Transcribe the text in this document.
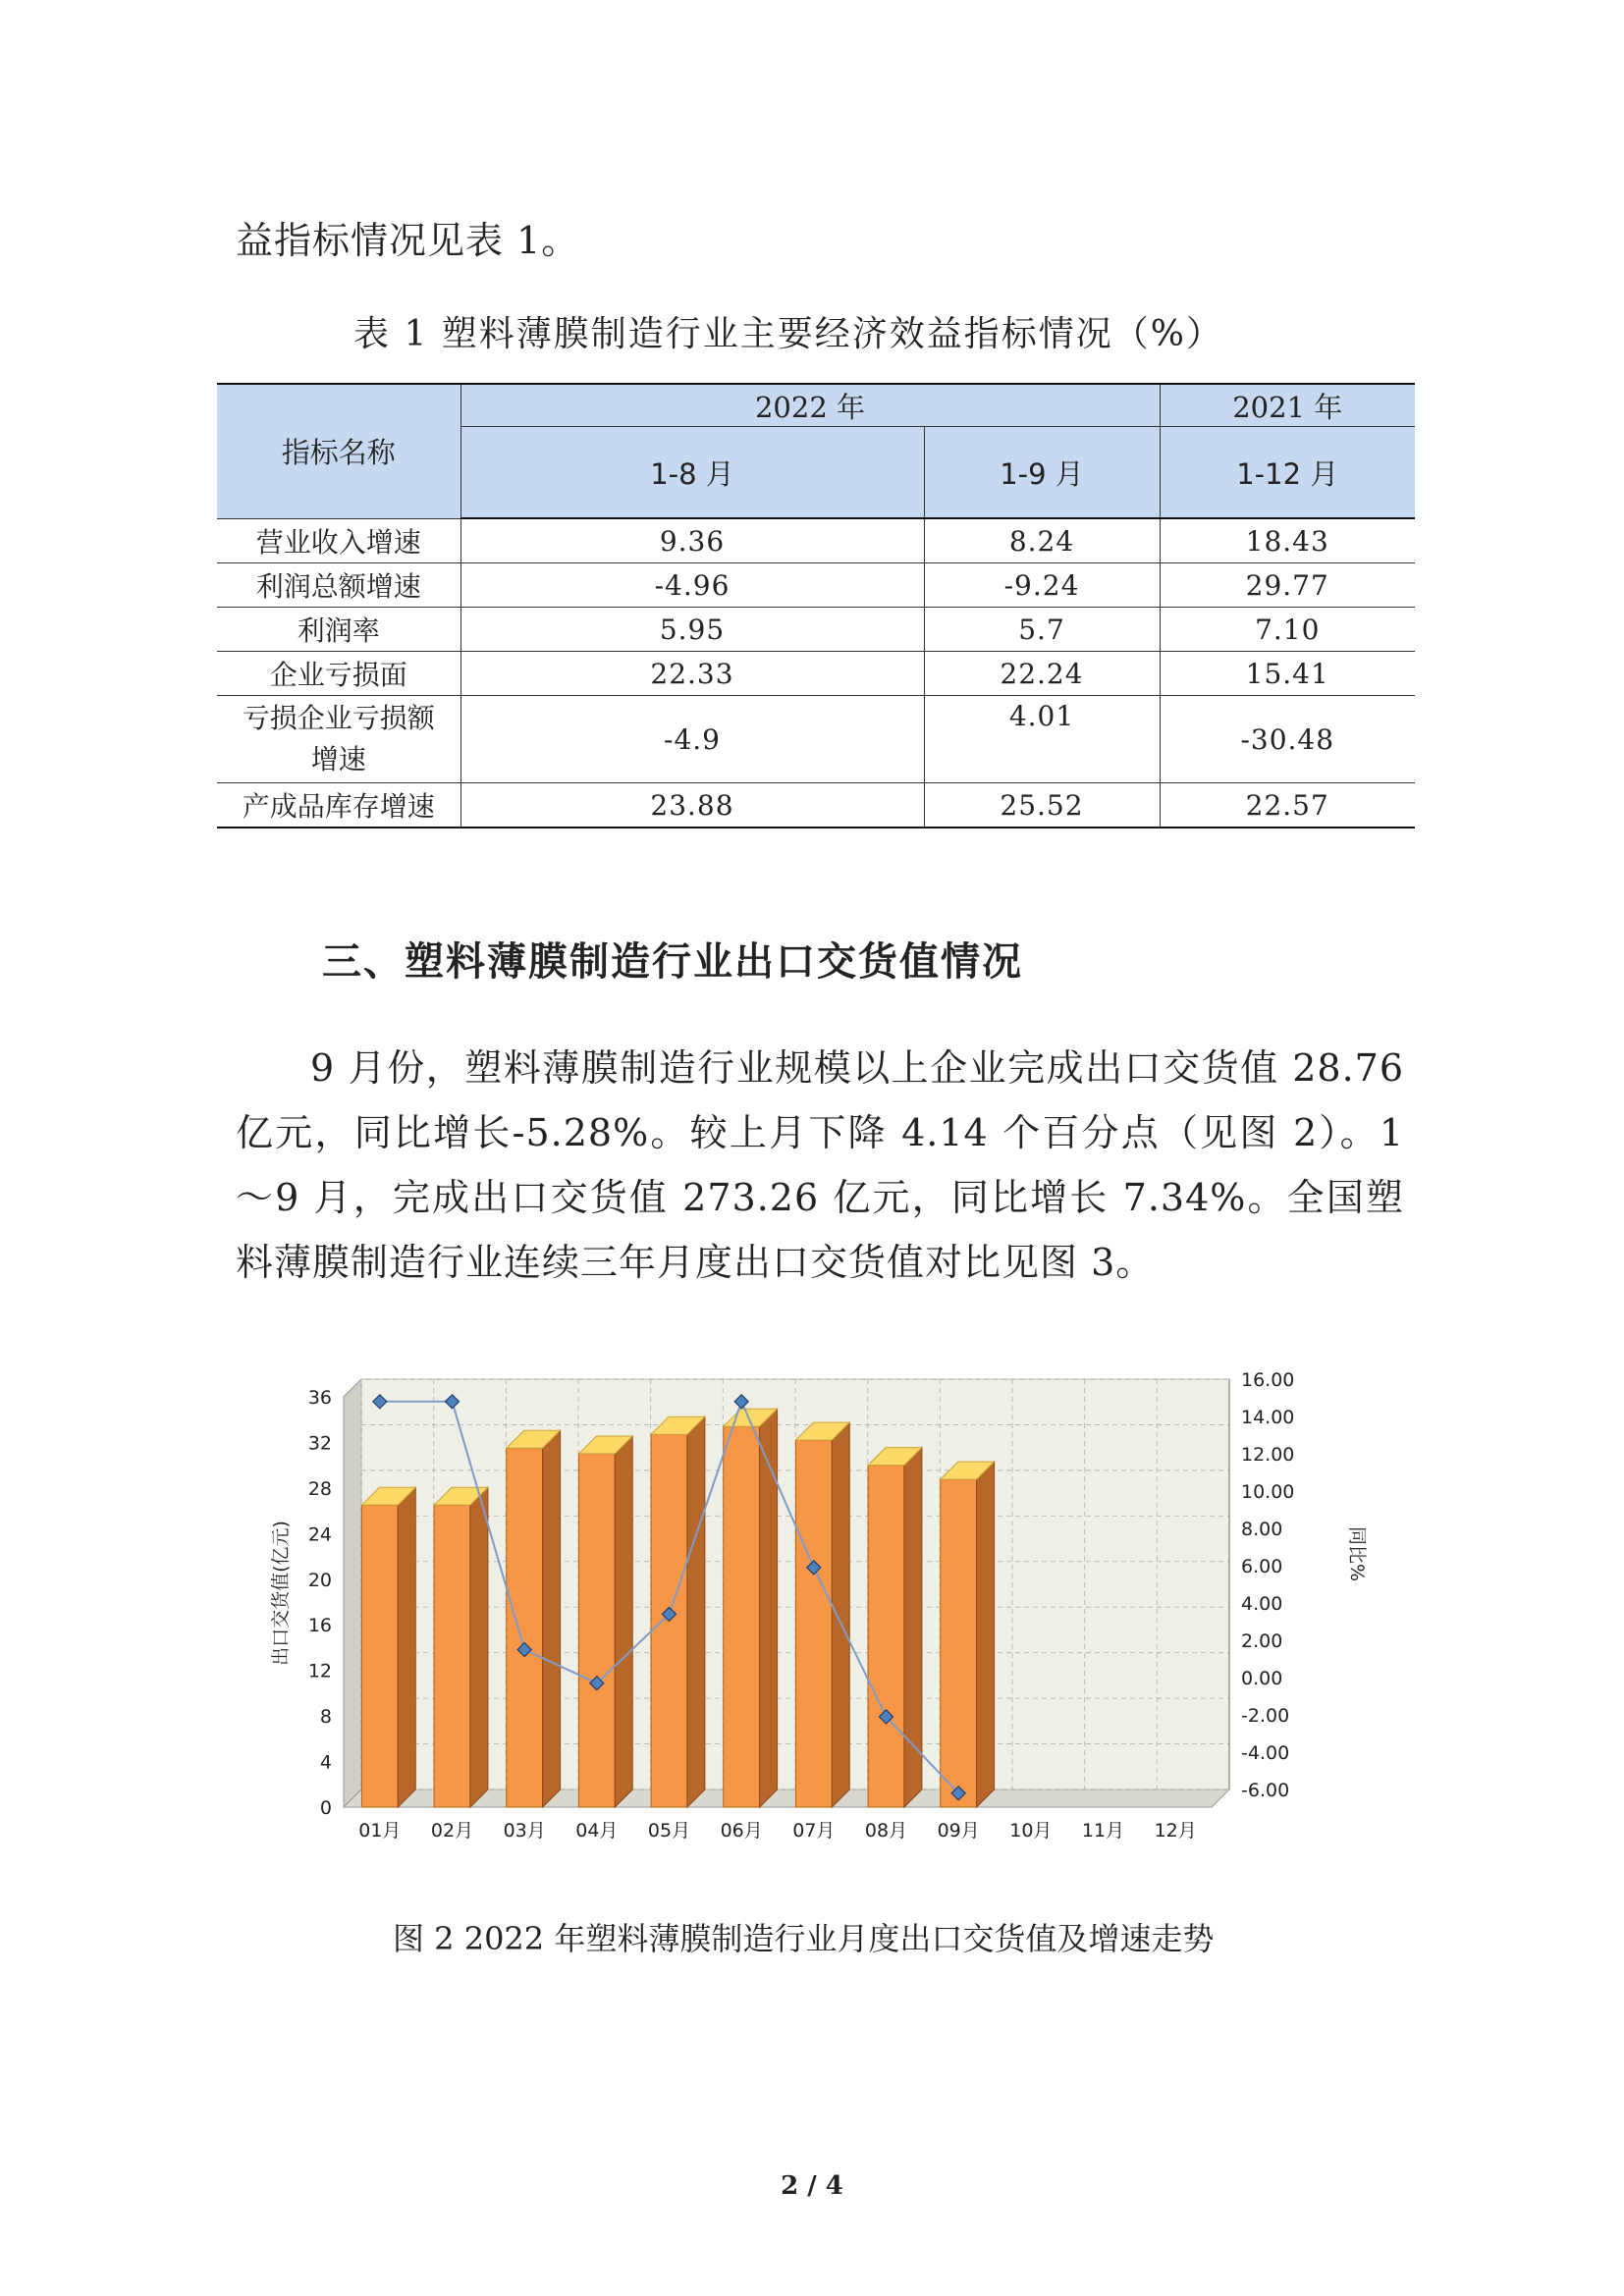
益指标情况见表 1。
表 1 塑料薄膜制造行业主要经济效益指标情况（%）
指标名称	2022 年		2021 年
	1-8 月	1-9 月	1-12 月
营业收入增速	9.36	8.24	18.43
利润总额增速	-4.96	-9.24	29.77
利润率	5.95	5.7	7.10
企业亏损面	22.33	22.24	15.41

亏损企业亏损额
增速	-4.9	4.01	-30.48
产成品库存增速	23.88	25.52	22.57
三、塑料薄膜制造行业出口交货值情况
9 月份，塑料薄膜制造行业规模以上企业完成出口交货值 28.76 亿元，同比增长-5.28%。较上月下降 4.14 个百分点（见图 2）。1～9 月，完成出口交货值 273.26 亿元，同比增长 7.34%。全国塑料薄膜制造行业连续三年月度出口交货值对比见图 3。
0
4
8
12
16
20
24
28
32
36
-6.00
-4.00
-2.00
0.00
2.00
4.00
6.00
8.00
10.00
12.00
14.00
16.00
01月 02月 03月 04月 05月 06月 07月 08月 09月 10月 11月 12月
出口交货值(亿元)	同比%
图 2 2022 年塑料薄膜制造行业月度出口交货值及增速走势
2 / 4
